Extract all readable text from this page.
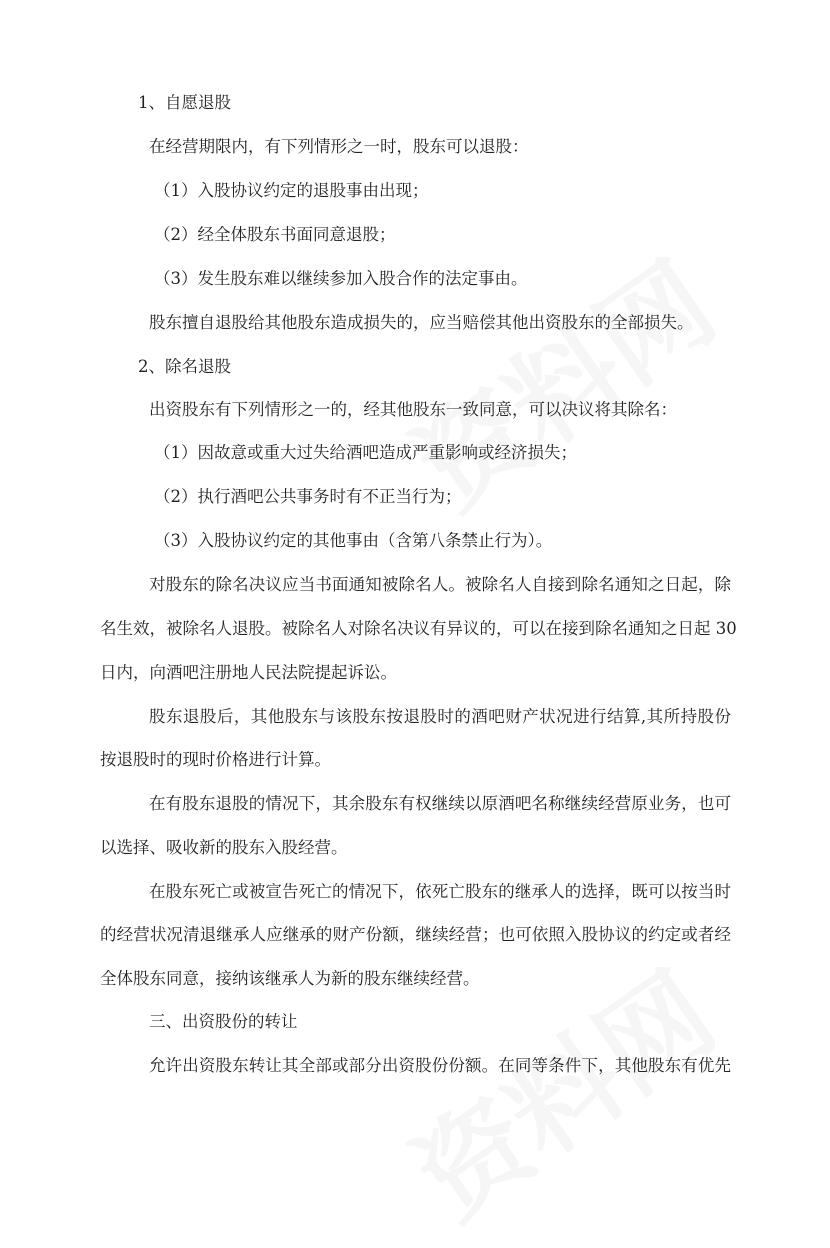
1、自愿退股

在经营期限内，有下列情形之一时，股东可以退股：

（1）入股协议约定的退股事由出现；

（2）经全体股东书面同意退股；

（3）发生股东难以继续参加入股合作的法定事由。

股东擅自退股给其他股东造成损失的，应当赔偿其他出资股东的全部损失。

2、除名退股

出资股东有下列情形之一的，经其他股东一致同意，可以决议将其除名：

（1）因故意或重大过失给酒吧造成严重影响或经济损失；

（2）执行酒吧公共事务时有不正当行为；

（3）入股协议约定的其他事由（含第八条禁止行为）。

对股东的除名决议应当书面通知被除名人。被除名人自接到除名通知之日起，除

名生效，被除名人退股。被除名人对除名决议有异议的，可以在接到除名通知之日起 30

日内，向酒吧注册地人民法院提起诉讼。

股东退股后，其他股东与该股东按退股时的酒吧财产状况进行结算,其所持股份

按退股时的现时价格进行计算。

在有股东退股的情况下，其余股东有权继续以原酒吧名称继续经营原业务，也可

以选择、吸收新的股东入股经营。

在股东死亡或被宣告死亡的情况下，依死亡股东的继承人的选择，既可以按当时

的经营状况清退继承人应继承的财产份额，继续经营；也可依照入股协议的约定或者经

全体股东同意，接纳该继承人为新的股东继续经营。

三、出资股份的转让

允许出资股东转让其全部或部分出资股份份额。在同等条件下，其他股东有优先
